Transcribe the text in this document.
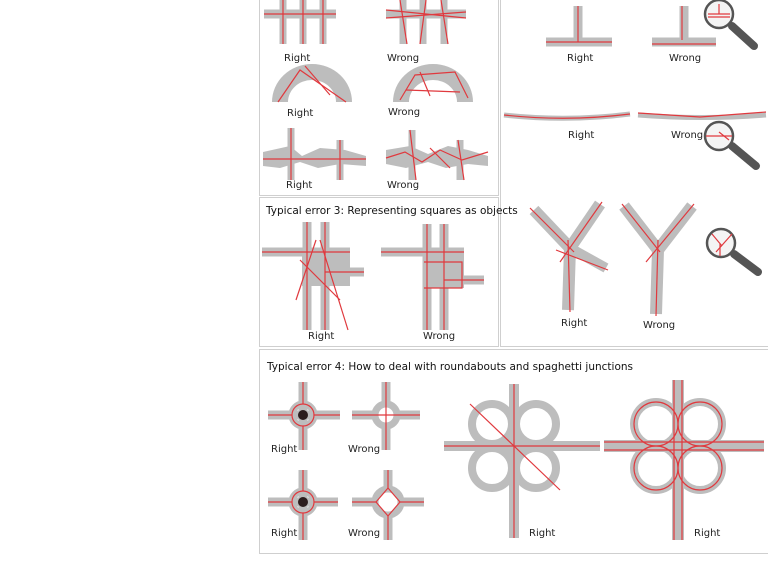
Right	Wrong
Right	Wrong
Right	Wrong
Typical error 3: Representing squares as objects
Right	Wrong
Right	Wrong
Right	Wrong
Right	Wrong
Typical error 4: How to deal with roundabouts and spaghetti junctions
Right	Wrong
Right	Wrong	Right	Right
